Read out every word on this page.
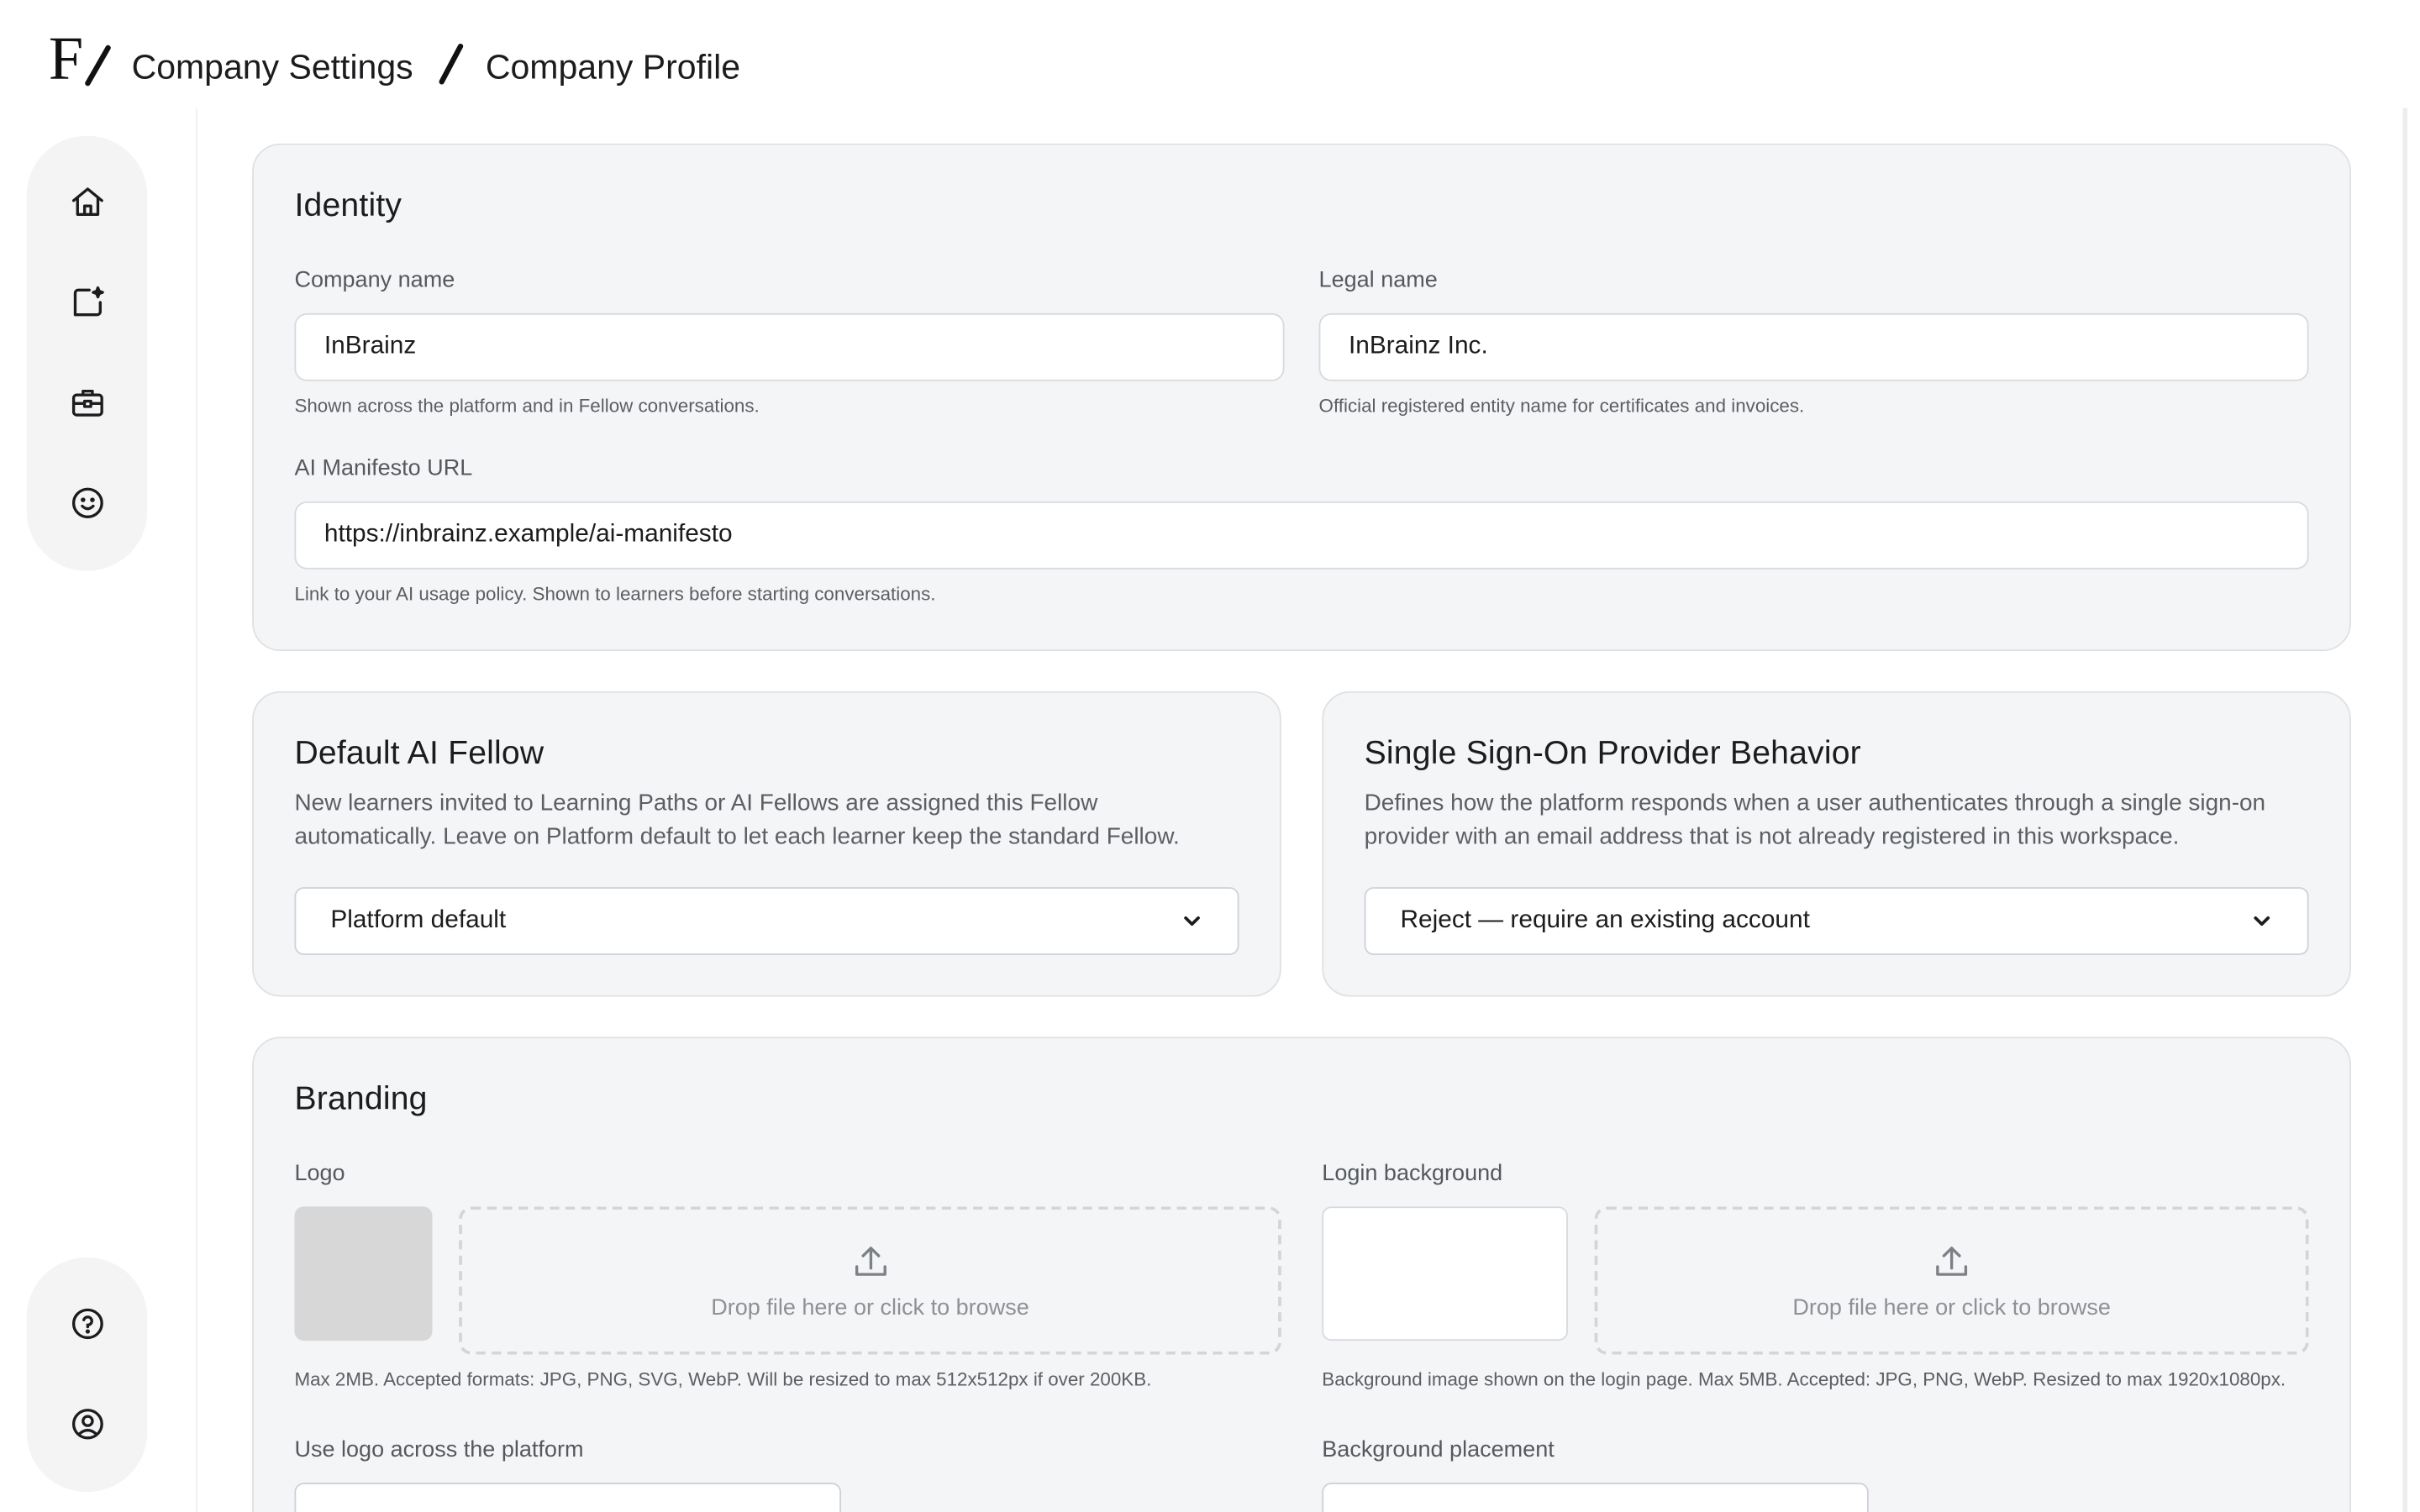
F	Company Settings	Company Profile
Identity
Company name
InBrainz
Shown across the platform and in Fellow conversations.
Legal name
InBrainz Inc.
Official registered entity name for certificates and invoices.
AI Manifesto URL
https://inbrainz.example/ai-manifesto
Link to your AI usage policy. Shown to learners before starting conversations.
Default AI Fellow
New learners invited to Learning Paths or AI Fellows are assigned this Fellow automatically. Leave on Platform default to let each learner keep the standard Fellow.
Platform default
Single Sign-On Provider Behavior
Defines how the platform responds when a user authenticates through a single sign-on provider with an email address that is not already registered in this workspace.
Reject — require an existing account
Branding
Logo
Drop file here or click to browse
Max 2MB. Accepted formats: JPG, PNG, SVG, WebP. Will be resized to max 512x512px if over 200KB.
Login background
Drop file here or click to browse
Background image shown on the login page. Max 5MB. Accepted: JPG, PNG, WebP. Resized to max 1920x1080px.
Use logo across the platform	Background placement
